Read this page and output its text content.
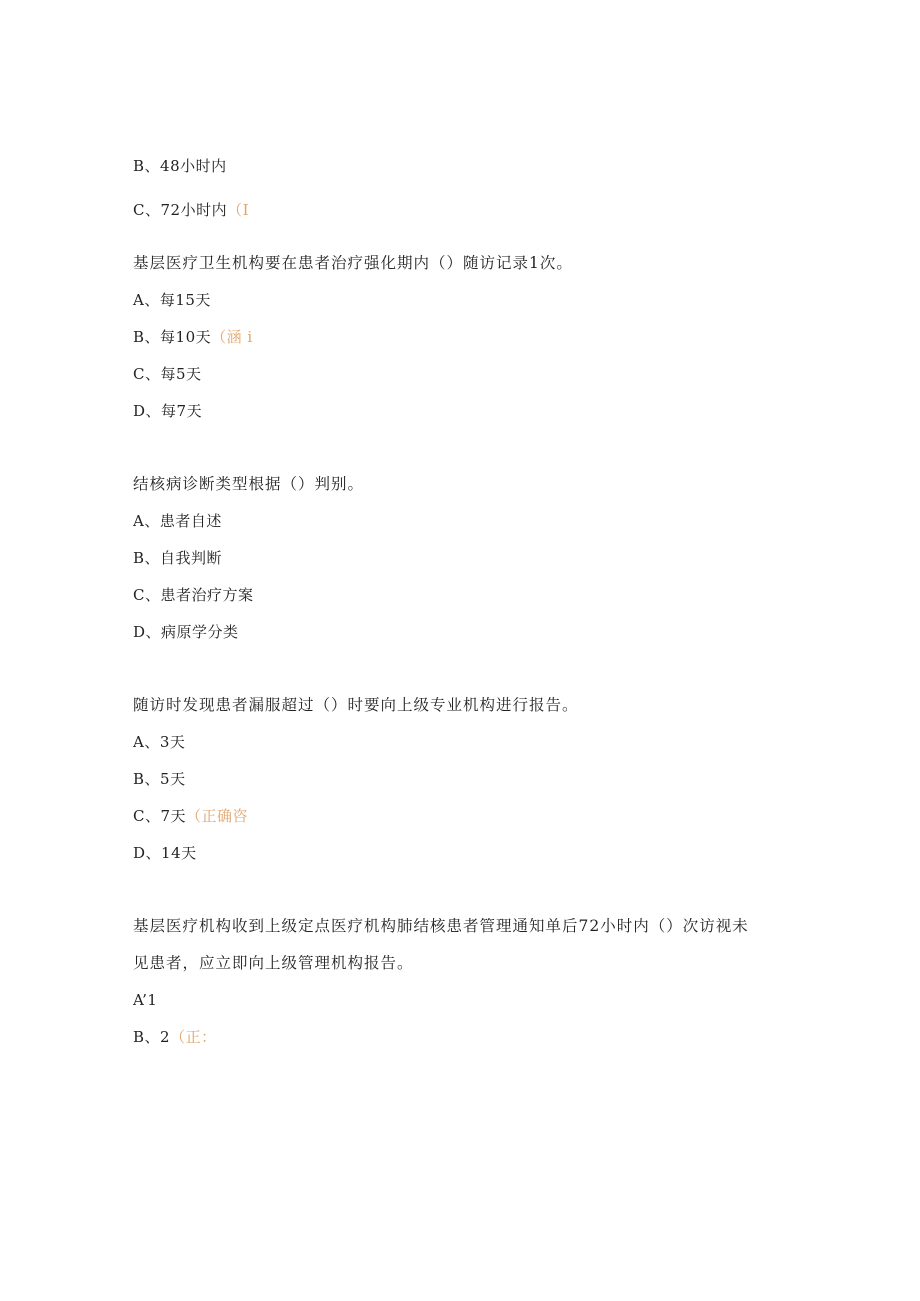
B、48小时内
C、72小时内（I
基层医疗卫生机构要在患者治疗强化期内（）随访记录1次。
A、每15天
B、每10天（涵 i
C、每5天
D、每7天
结核病诊断类型根据（）判别。
A、患者自述
B、自我判断
C、患者治疗方案
D、病原学分类
随访时发现患者漏服超过（）时要向上级专业机构进行报告。
A、3天
B、5天
C、7天（正确咨
D、14天
基层医疗机构收到上级定点医疗机构肺结核患者管理通知单后72小时内（）次访视未
见患者，应立即向上级管理机构报告。
A’1
B、2（正：
